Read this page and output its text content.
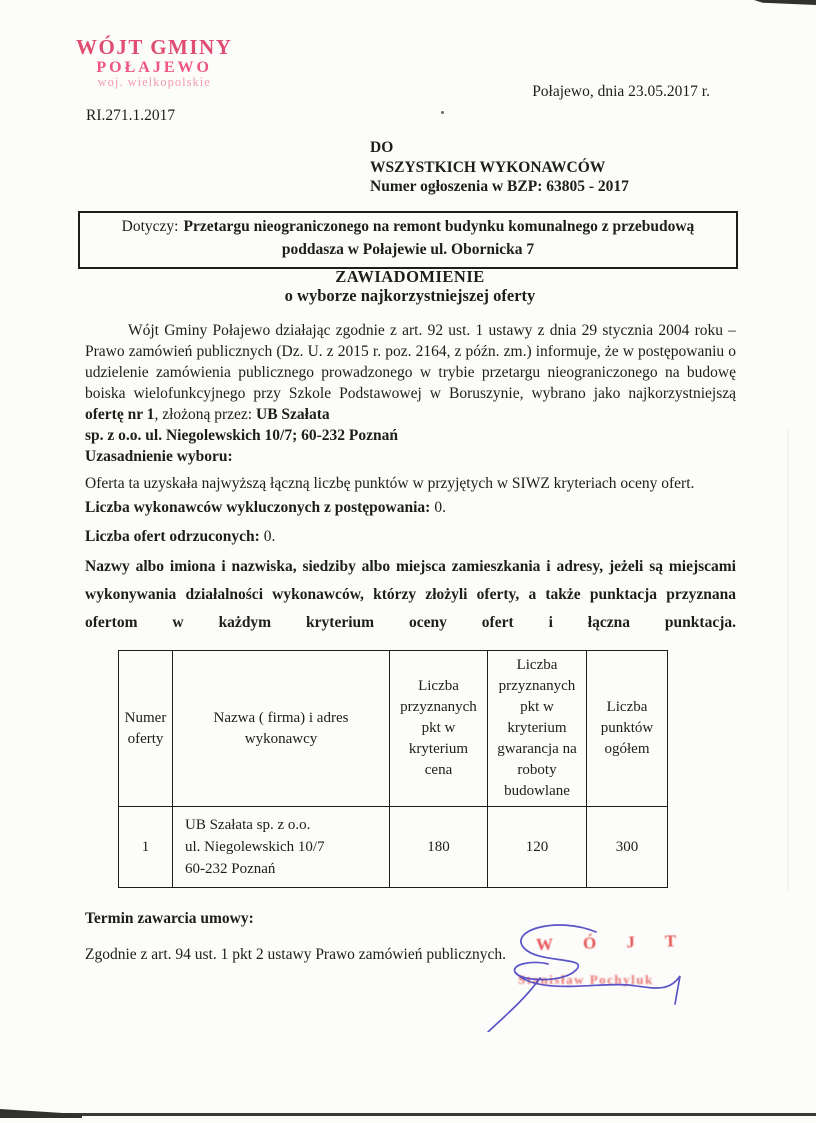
WÓJT GMINY
POŁAJEWO
woj. wielkopolskie
Połajewo, dnia 23.05.2017 r.
RI.271.1.2017
DO
WSZYSTKICH WYKONAWCÓW
Numer ogłoszenia w BZP: 63805 - 2017
Dotyczy: Przetargu nieograniczonego na remont budynku komunalnego z przebudową poddasza w Połajewie ul. Obornicka 7
ZAWIADOMIENIE
o wyborze najkorzystniejszej oferty

Wójt Gminy Połajewo działając zgodnie z art. 92 ust. 1 ustawy z dnia 29 stycznia 2004 roku – Prawo zamówień publicznych (Dz. U. z 2015 r. poz. 2164, z późn. zm.) informuje, że w postępowaniu o udzielenie zamówienia publicznego prowadzonego w trybie przetargu nieograniczonego na budowę boiska wielofunkcyjnego przy Szkole Podstawowej w Boruszynie, wybrano jako najkorzystniejszą ofertę nr 1, złożoną przez: UB Szałata

sp. z o.o. ul. Niegolewskich 10/7; 60-232 Poznań
Uzasadnienie wyboru:

Oferta ta uzyskała najwyższą łączną liczbę punktów w przyjętych w SIWZ kryteriach oceny ofert.

Liczba wykonawców wykluczonych z postępowania: 0.

Liczba ofert odrzuconych: 0.

Nazwy albo imiona i nazwiska, siedziby albo miejsca zamieszkania i adresy, jeżeli są miejscami wykonywania działalności wykonawców, którzy złożyli oferty, a także punktacja przyznana ofertom w każdym kryterium oceny ofert i łączna punktacja.

Numer oferty	Nazwa ( firma) i adres wykonawcy	Liczba przyznanych pkt w kryterium cena	Liczba przyznanych pkt w kryterium gwarancja na roboty budowlane	Liczba punktów ogółem
1	UB Szałata sp. z o.o.
ul. Niegolewskich 10/7
60-232 Poznań	180	120	300

Termin zawarcia umowy:

Zgodnie z art. 94 ust. 1 pkt 2 ustawy Prawo zamówień publicznych.

W Ó J T
Stanisław Pochyluk
